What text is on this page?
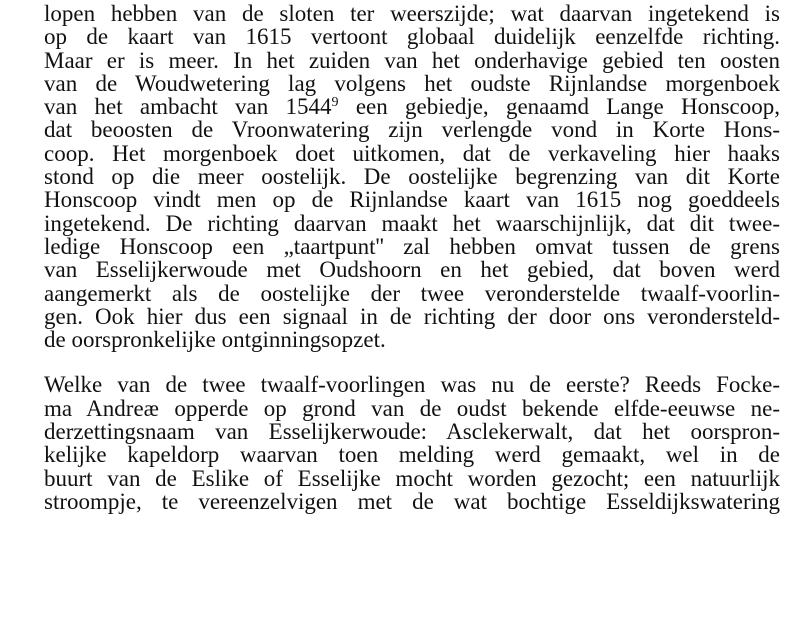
lopen hebben van de sloten ter weerszijde; wat daarvan ingetekend is
op de kaart van 1615 vertoont globaal duidelijk eenzelfde richting.
Maar er is meer. In het zuiden van het onderhavige gebied ten oosten
van de Woudwetering lag volgens het oudste Rijnlandse morgenboek
van het ambacht van 1544$^9$ een gebiedje, genaamd Lange Honscoop,
dat beoosten de Vroonwatering zijn verlengde vond in Korte Hons-
coop. Het morgenboek doet uitkomen, dat de verkaveling hier haaks
stond op die meer oostelijk. De oostelijke begrenzing van dit Korte
Honscoop vindt men op de Rijnlandse kaart van 1615 nog goeddeels
ingetekend. De richting daarvan maakt het waarschijnlijk, dat dit twee-
ledige Honscoop een „taartpunt'' zal hebben omvat tussen de grens
van Esselijkerwoude met Oudshoorn en het gebied, dat boven werd
aangemerkt als de oostelijke der twee veronderstelde twaalf-voorlin-
gen. Ook hier dus een signaal in de richting der door ons verondersteld-
de oorspronkelijke ontginningsopzet.
Welke van de twee twaalf-voorlingen was nu de eerste? Reeds Focke-
ma Andreæ opperde op grond van de oudst bekende elfde-eeuwse ne-
derzettingsnaam van Esselijkerwoude: Asclekerwalt, dat het oorspron-
kelijke kapeldorp waarvan toen melding werd gemaakt, wel in de
buurt van de Eslike of Esselijke mocht worden gezocht; een natuurlijk
stroompje, te vereenzelvigen met de wat bochtige Esseldijkswatering
